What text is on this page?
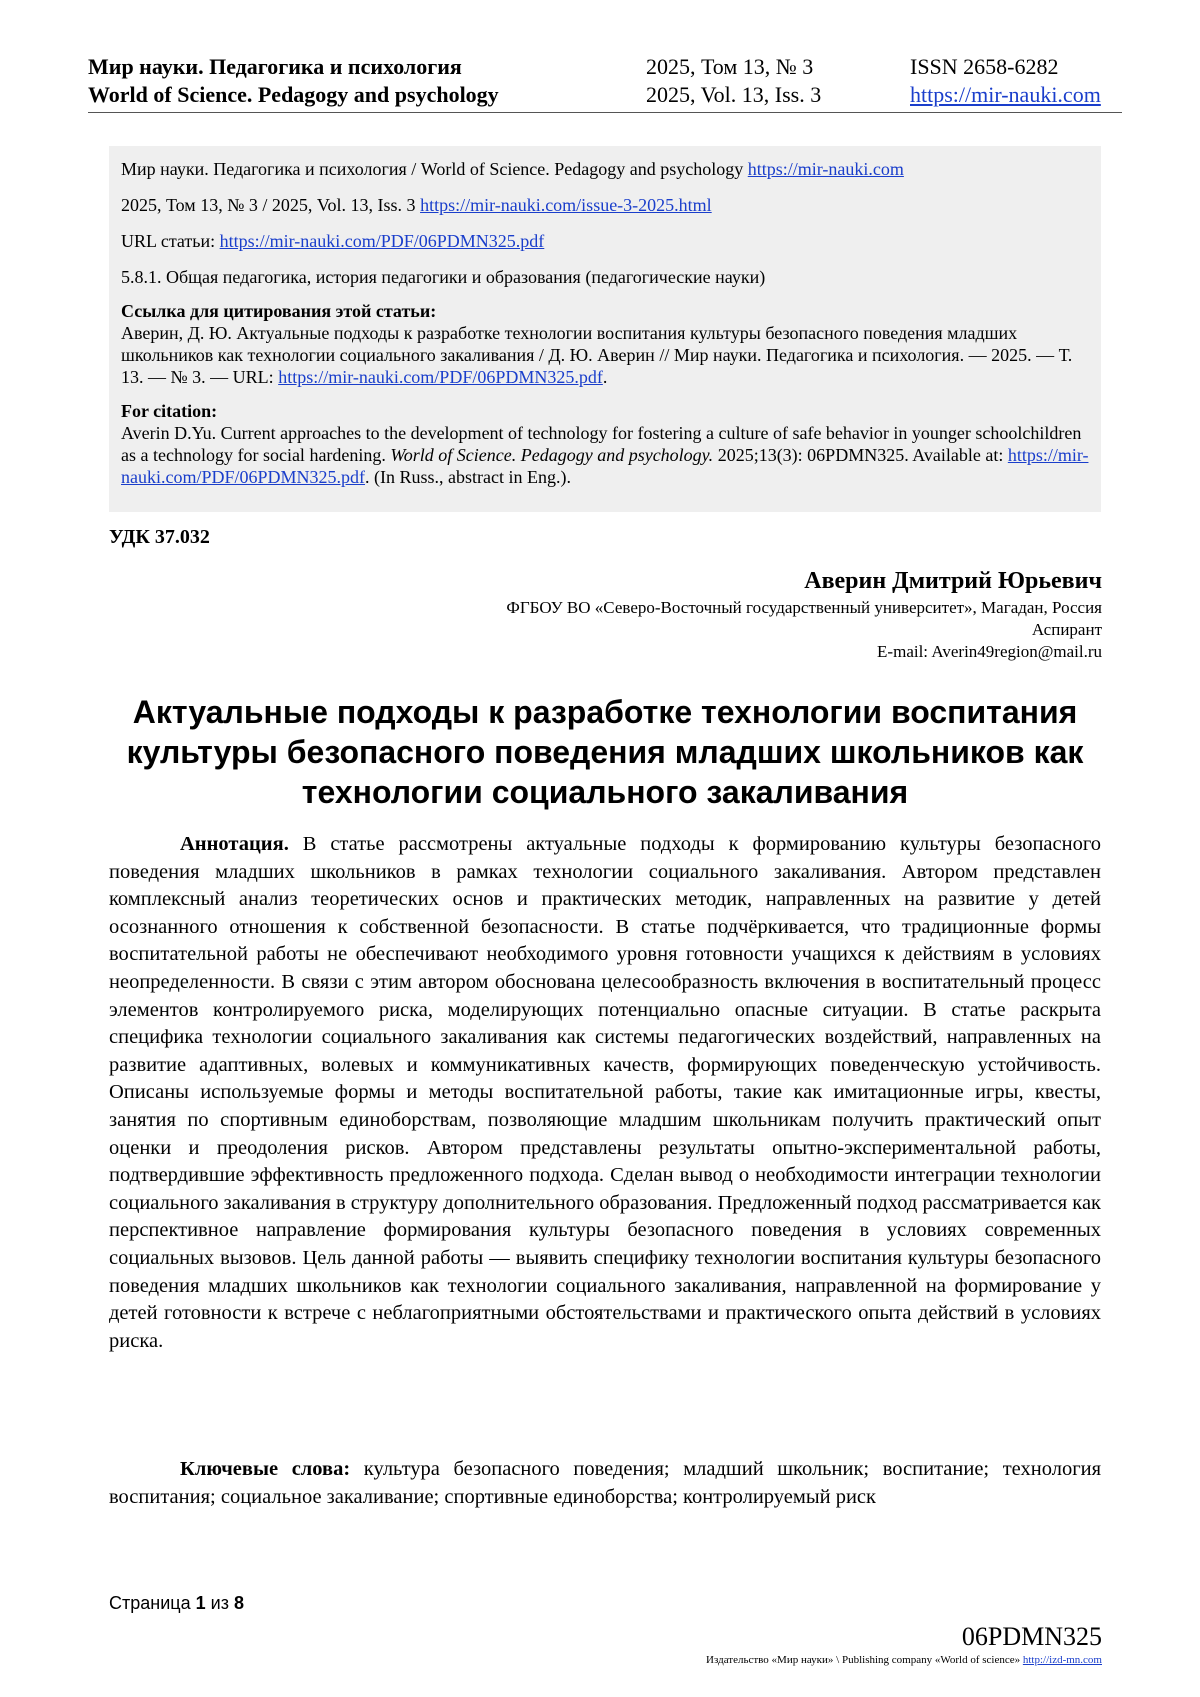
Мир науки. Педагогика и психология	2025, Том 13, № 3	ISSN 2658-6282
World of Science. Pedagogy and psychology	2025, Vol. 13, Iss. 3	https://mir-nauki.com

Мир науки. Педагогика и психология / World of Science. Pedagogy and psychology https://mir-nauki.com

2025, Том 13, № 3 / 2025, Vol. 13, Iss. 3 https://mir-nauki.com/issue-3-2025.html

URL статьи: https://mir-nauki.com/PDF/06PDMN325.pdf

5.8.1. Общая педагогика, история педагогики и образования (педагогические науки)

Ссылка для цитирования этой статьи:

Аверин, Д. Ю. Актуальные подходы к разработке технологии воспитания культуры безопасного поведения младших школьников как технологии социального закаливания / Д. Ю. Аверин // Мир науки. Педагогика и психология. — 2025. — Т. 13. — № 3. — URL: https://mir-nauki.com/PDF/06PDMN325.pdf.

For citation:

Averin D.Yu. Current approaches to the development of technology for fostering a culture of safe behavior in younger schoolchildren as a technology for social hardening. World of Science. Pedagogy and psychology. 2025;13(3): 06PDMN325. Available at: https://mir-nauki.com/PDF/06PDMN325.pdf. (In Russ., abstract in Eng.).

УДК 37.032
Аверин Дмитрий Юрьевич
ФГБОУ ВО «Северо-Восточный государственный университет», Магадан, Россия
Аспирант
E-mail: Averin49region@mail.ru
Актуальные подходы к разработке технологии воспитания культуры безопасного поведения младших школьников как технологии социального закаливания
Аннотация. В статье рассмотрены актуальные подходы к формированию культуры безопасного поведения младших школьников в рамках технологии социального закаливания. Автором представлен комплексный анализ теоретических основ и практических методик, направленных на развитие у детей осознанного отношения к собственной безопасности. В статье подчёркивается, что традиционные формы воспитательной работы не обеспечивают необходимого уровня готовности учащихся к действиям в условиях неопределенности. В связи с этим автором обоснована целесообразность включения в воспитательный процесс элементов контролируемого риска, моделирующих потенциально опасные ситуации. В статье раскрыта специфика технологии социального закаливания как системы педагогических воздействий, направленных на развитие адаптивных, волевых и коммуникативных качеств, формирующих поведенческую устойчивость. Описаны используемые формы и методы воспитательной работы, такие как имитационные игры, квесты, занятия по спортивным единоборствам, позволяющие младшим школьникам получить практический опыт оценки и преодоления рисков. Автором представлены результаты опытно-экспериментальной работы, подтвердившие эффективность предложенного подхода. Сделан вывод о необходимости интеграции технологии социального закаливания в структуру дополнительного образования. Предложенный подход рассматривается как перспективное направление формирования культуры безопасного поведения в условиях современных социальных вызовов. Цель данной работы — выявить специфику технологии воспитания культуры безопасного поведения младших школьников как технологии социального закаливания, направленной на формирование у детей готовности к встрече с неблагоприятными обстоятельствами и практического опыта действий в условиях риска.
Ключевые слова: культура безопасного поведения; младший школьник; воспитание; технология воспитания; социальное закаливание; спортивные единоборства; контролируемый риск
Страница 1 из 8
06PDMN325
Издательство «Мир науки» \ Publishing company «World of science» http://izd-mn.com
